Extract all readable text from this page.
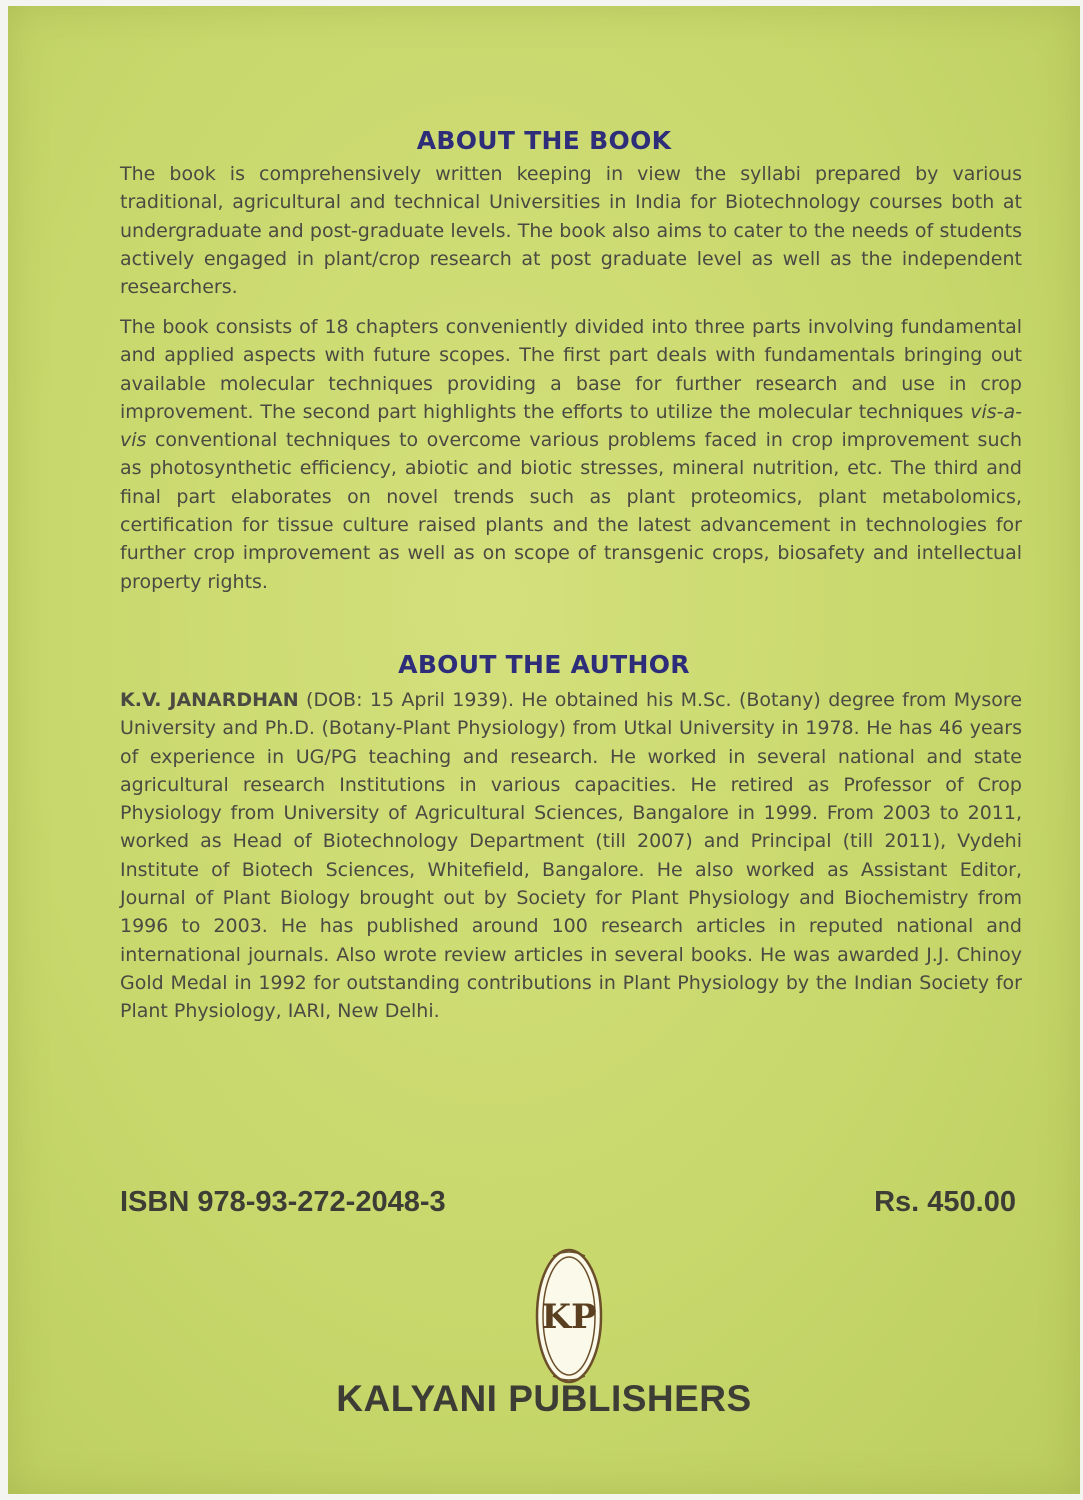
ABOUT THE BOOK

The book is comprehensively written keeping in view the syllabi prepared by various traditional, agricultural and technical Universities in India for Biotechnology courses both at undergraduate and post-graduate levels. The book also aims to cater to the needs of students actively engaged in plant/crop research at post graduate level as well as the independent researchers.

The book consists of 18 chapters conveniently divided into three parts involving fundamental and applied aspects with future scopes. The first part deals with fundamentals bringing out available molecular techniques providing a base for further research and use in crop improvement. The second part highlights the efforts to utilize the molecular techniques vis-a-vis conventional techniques to overcome various problems faced in crop improvement such as photosynthetic efficiency, abiotic and biotic stresses, mineral nutrition, etc. The third and final part elaborates on novel trends such as plant proteomics, plant metabolomics, certification for tissue culture raised plants and the latest advancement in technologies for further crop improvement as well as on scope of transgenic crops, biosafety and intellectual property rights.

ABOUT THE AUTHOR

K.V. JANARDHAN (DOB: 15 April 1939). He obtained his M.Sc. (Botany) degree from Mysore University and Ph.D. (Botany-Plant Physiology) from Utkal University in 1978. He has 46 years of experience in UG/PG teaching and research. He worked in several national and state agricultural research Institutions in various capacities. He retired as Professor of Crop Physiology from University of Agricultural Sciences, Bangalore in 1999. From 2003 to 2011, worked as Head of Biotechnology Department (till 2007) and Principal (till 2011), Vydehi Institute of Biotech Sciences, Whitefield, Bangalore. He also worked as Assistant Editor, Journal of Plant Biology brought out by Society for Plant Physiology and Biochemistry from 1996 to 2003. He has published around 100 research articles in reputed national and international journals. Also wrote review articles in several books. He was awarded J.J. Chinoy Gold Medal in 1992 for outstanding contributions in Plant Physiology by the Indian Society for Plant Physiology, IARI, New Delhi.

ISBN 978-93-272-2048-3	Rs. 450.00
KP
KALYANI PUBLISHERS
